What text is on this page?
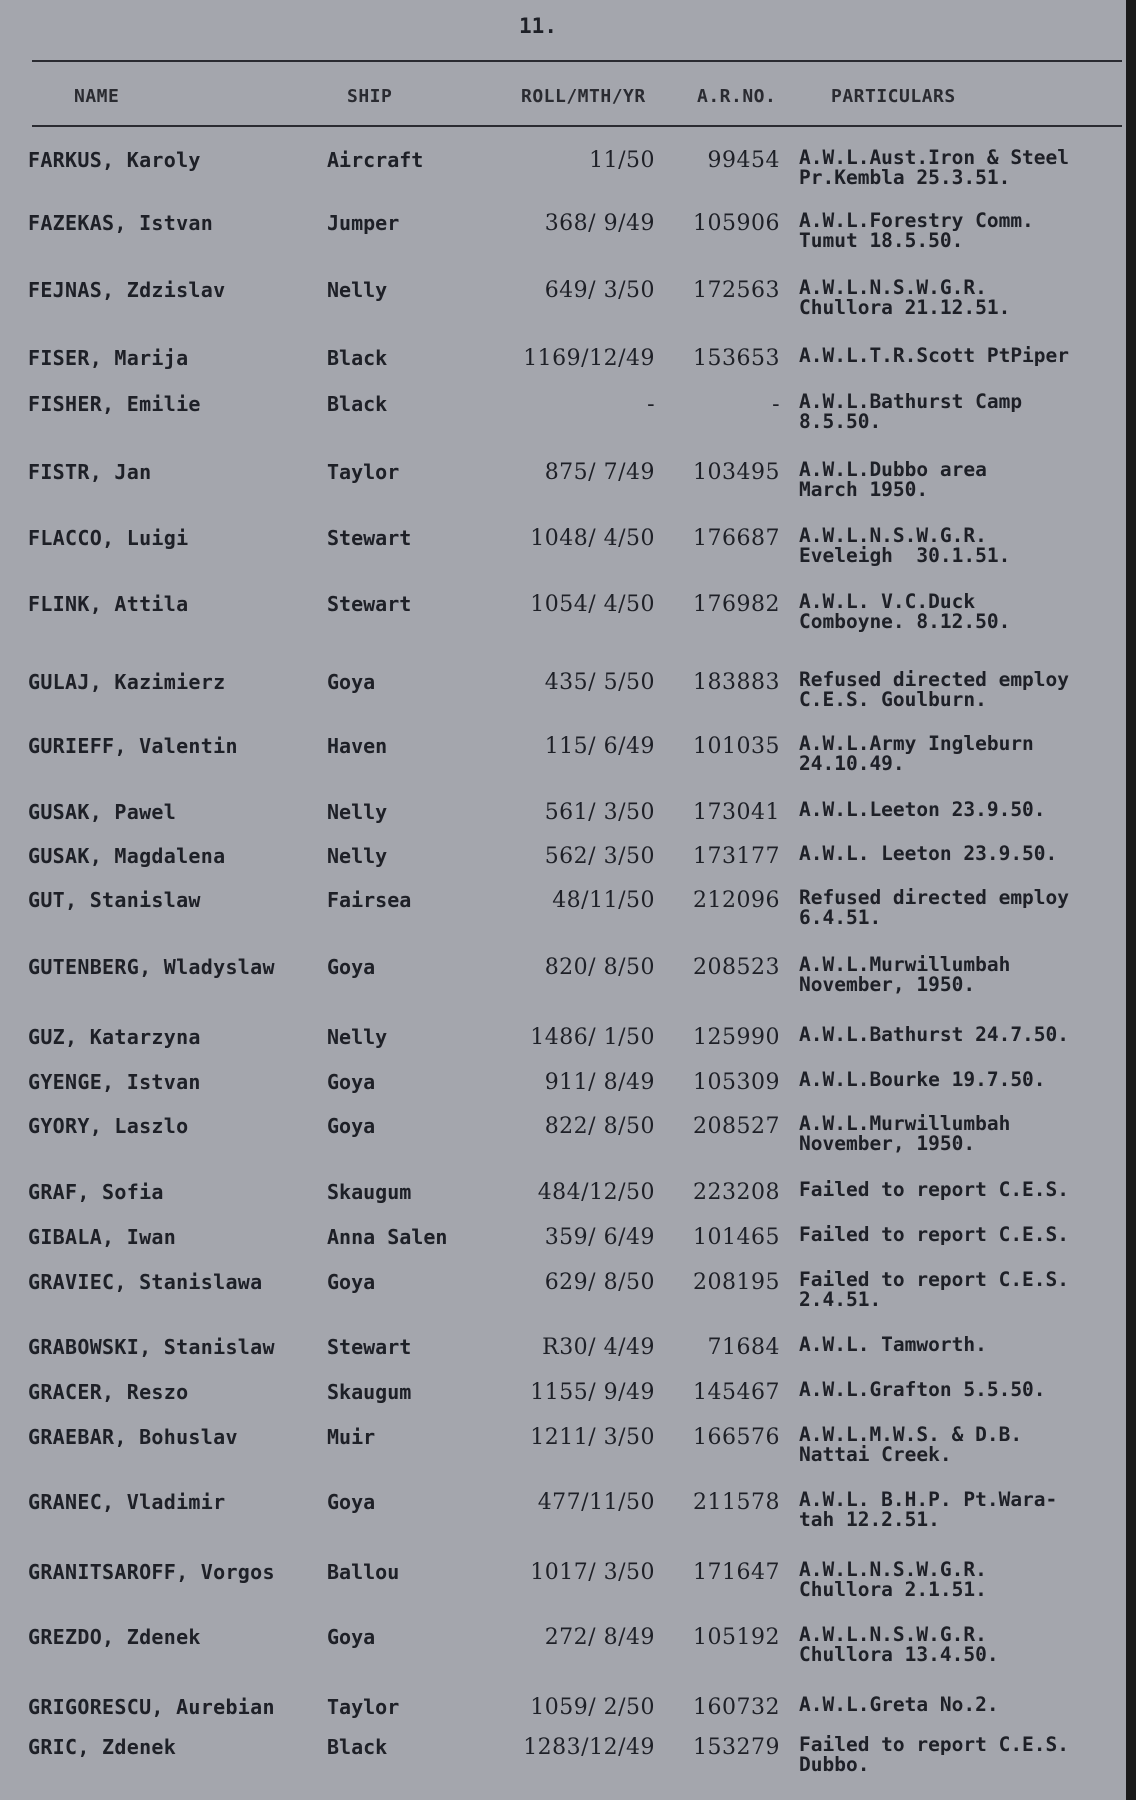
11.
NAME	SHIP	ROLL/MTH/YR	A.R.NO.	PARTICULARS
FARKUS, Karoly	Aircraft	11/50	99454 A.W.L.Aust.Iron & Steel
Pr.Kembla 25.3.51.
FAZEKAS, Istvan	Jumper	368/ 9/49	105906 A.W.L.Forestry Comm.
Tumut 18.5.50.
FEJNAS, Zdzislav	Nelly	649/ 3/50	172563 A.W.L.N.S.W.G.R.
Chullora 21.12.51.
FISER, Marija	Black	1169/12/49	153653 A.W.L.T.R.Scott PtPiper
FISHER, Emilie	Black	-	- A.W.L.Bathurst Camp
8.5.50.
FISTR, Jan	Taylor	875/ 7/49	103495 A.W.L.Dubbo area
March 1950.
FLACCO, Luigi	Stewart	1048/ 4/50	176687 A.W.L.N.S.W.G.R.
Eveleigh  30.1.51.
FLINK, Attila	Stewart	1054/ 4/50	176982 A.W.L. V.C.Duck
Comboyne. 8.12.50.
GULAJ, Kazimierz	Goya	435/ 5/50	183883 Refused directed employ
C.E.S. Goulburn.
GURIEFF, Valentin	Haven	115/ 6/49	101035 A.W.L.Army Ingleburn
24.10.49.
GUSAK, Pawel	Nelly	561/ 3/50	173041 A.W.L.Leeton 23.9.50.
GUSAK, Magdalena	Nelly	562/ 3/50	173177 A.W.L. Leeton 23.9.50.
GUT, Stanislaw	Fairsea	48/11/50	212096 Refused directed employ
6.4.51.
GUTENBERG, Wladyslaw	Goya	820/ 8/50	208523 A.W.L.Murwillumbah
November, 1950.
GUZ, Katarzyna	Nelly	1486/ 1/50	125990 A.W.L.Bathurst 24.7.50.
GYENGE, Istvan	Goya	911/ 8/49	105309 A.W.L.Bourke 19.7.50.
GYORY, Laszlo	Goya	822/ 8/50	208527 A.W.L.Murwillumbah
November, 1950.
GRAF, Sofia	Skaugum	484/12/50	223208 Failed to report C.E.S.
GIBALA, Iwan	Anna Salen	359/ 6/49	101465 Failed to report C.E.S.
GRAVIEC, Stanislawa	Goya	629/ 8/50	208195 Failed to report C.E.S.
2.4.51.
GRABOWSKI, Stanislaw	Stewart	R30/ 4/49	71684 A.W.L. Tamworth.
GRACER, Reszo	Skaugum	1155/ 9/49	145467 A.W.L.Grafton 5.5.50.
GRAEBAR, Bohuslav	Muir	1211/ 3/50	166576 A.W.L.M.W.S. & D.B.
Nattai Creek.
GRANEC, Vladimir	Goya	477/11/50	211578 A.W.L. B.H.P. Pt.Wara-
tah 12.2.51.
GRANITSAROFF, Vorgos	Ballou	1017/ 3/50	171647 A.W.L.N.S.W.G.R.
Chullora 2.1.51.
GREZDO, Zdenek	Goya	272/ 8/49	105192 A.W.L.N.S.W.G.R.
Chullora 13.4.50.
GRIGORESCU, Aurebian	Taylor	1059/ 2/50	160732 A.W.L.Greta No.2.
GRIC, Zdenek	Black	1283/12/49	153279 Failed to report C.E.S.
Dubbo.
